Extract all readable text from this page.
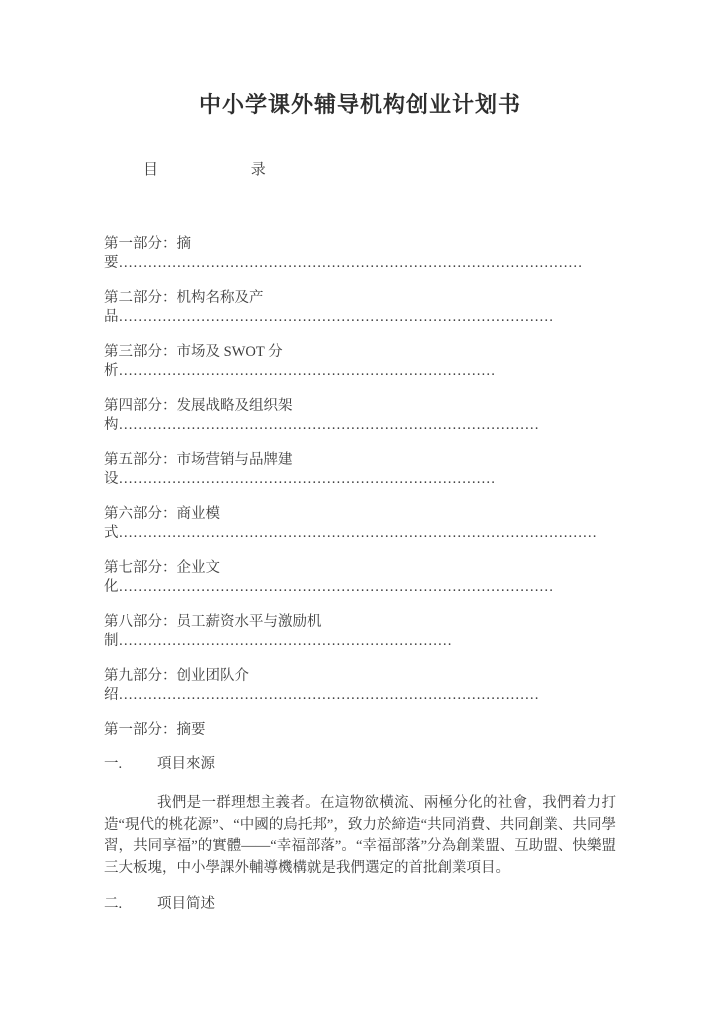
中小学课外辅导机构创业计划书
目	录
第一部分：摘
要……………………………………………………………………………………
第二部分：机构名称及产
品………………………………………………………………………………
第三部分：市场及 SWOT 分
析……………………………………………………………………
第四部分：发展战略及组织架
构……………………………………………………………………………
第五部分：市场营销与品牌建
设……………………………………………………………………
第六部分：商业模
式………………………………………………………………………………………
第七部分：企业文
化………………………………………………………………………………
第八部分：员工薪资水平与激励机
制……………………………………………………………
第九部分：创业团队介
绍……………………………………………………………………………
第一部分：摘要
一. 項目來源
我們是一群理想主義者。在這物欲橫流、兩極分化的社會，我們着力打造“現代的桃花源”、“中國的烏托邦”，致力於締造“共同消費、共同創業、共同學習，共同享福”的實體——“幸福部落”。“幸福部落”分為創業盟、互助盟、快樂盟三大板塊，中小學課外輔導機構就是我們選定的首批創業項目。
二. 项目简述
